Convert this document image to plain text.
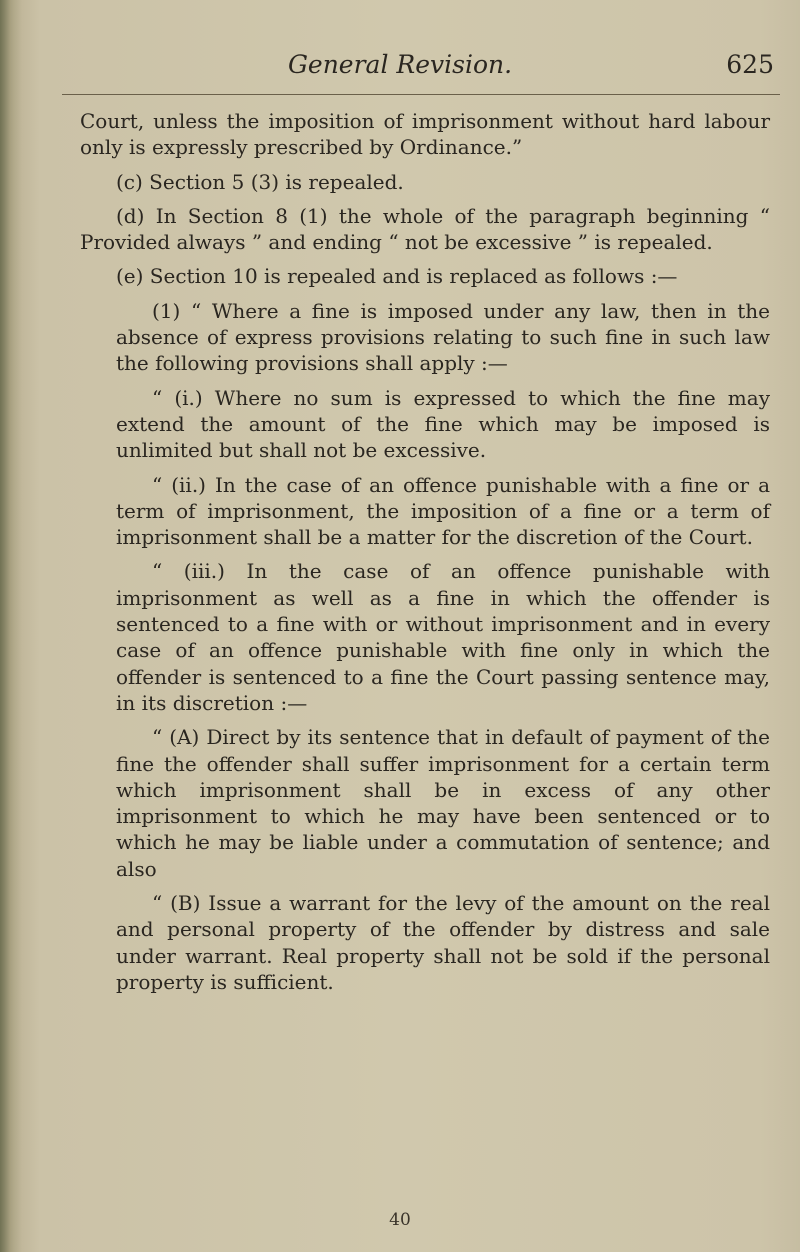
General Revision.	625

Court, unless the imposition of imprisonment without hard labour only is expressly prescribed by Ordinance.”

(c) Section 5 (3) is repealed.

(d) In Section 8 (1) the whole of the paragraph beginning “ Provided always ” and ending “ not be excessive ” is repealed.

(e) Section 10 is repealed and is replaced as follows :—

(1) “ Where a fine is imposed under any law, then in the absence of express provisions relating to such fine in such law the following provisions shall apply :—

“ (i.) Where no sum is expressed to which the fine may extend the amount of the fine which may be imposed is unlimited but shall not be excessive.

“ (ii.) In the case of an offence punishable with a fine or a term of imprisonment, the imposition of a fine or a term of imprisonment shall be a matter for the discretion of the Court.

“ (iii.) In the case of an offence punishable with imprisonment as well as a fine in which the offender is sentenced to a fine with or without imprisonment and in every case of an offence punishable with fine only in which the offender is sentenced to a fine the Court passing sentence may, in its discretion :—

“ (A) Direct by its sentence that in default of payment of the fine the offender shall suffer imprisonment for a certain term which imprisonment shall be in excess of any other imprisonment to which he may have been sentenced or to which he may be liable under a commutation of sentence; and also

“ (B) Issue a warrant for the levy of the amount on the real and personal property of the offender by distress and sale under warrant. Real property shall not be sold if the personal property is sufficient.

40
